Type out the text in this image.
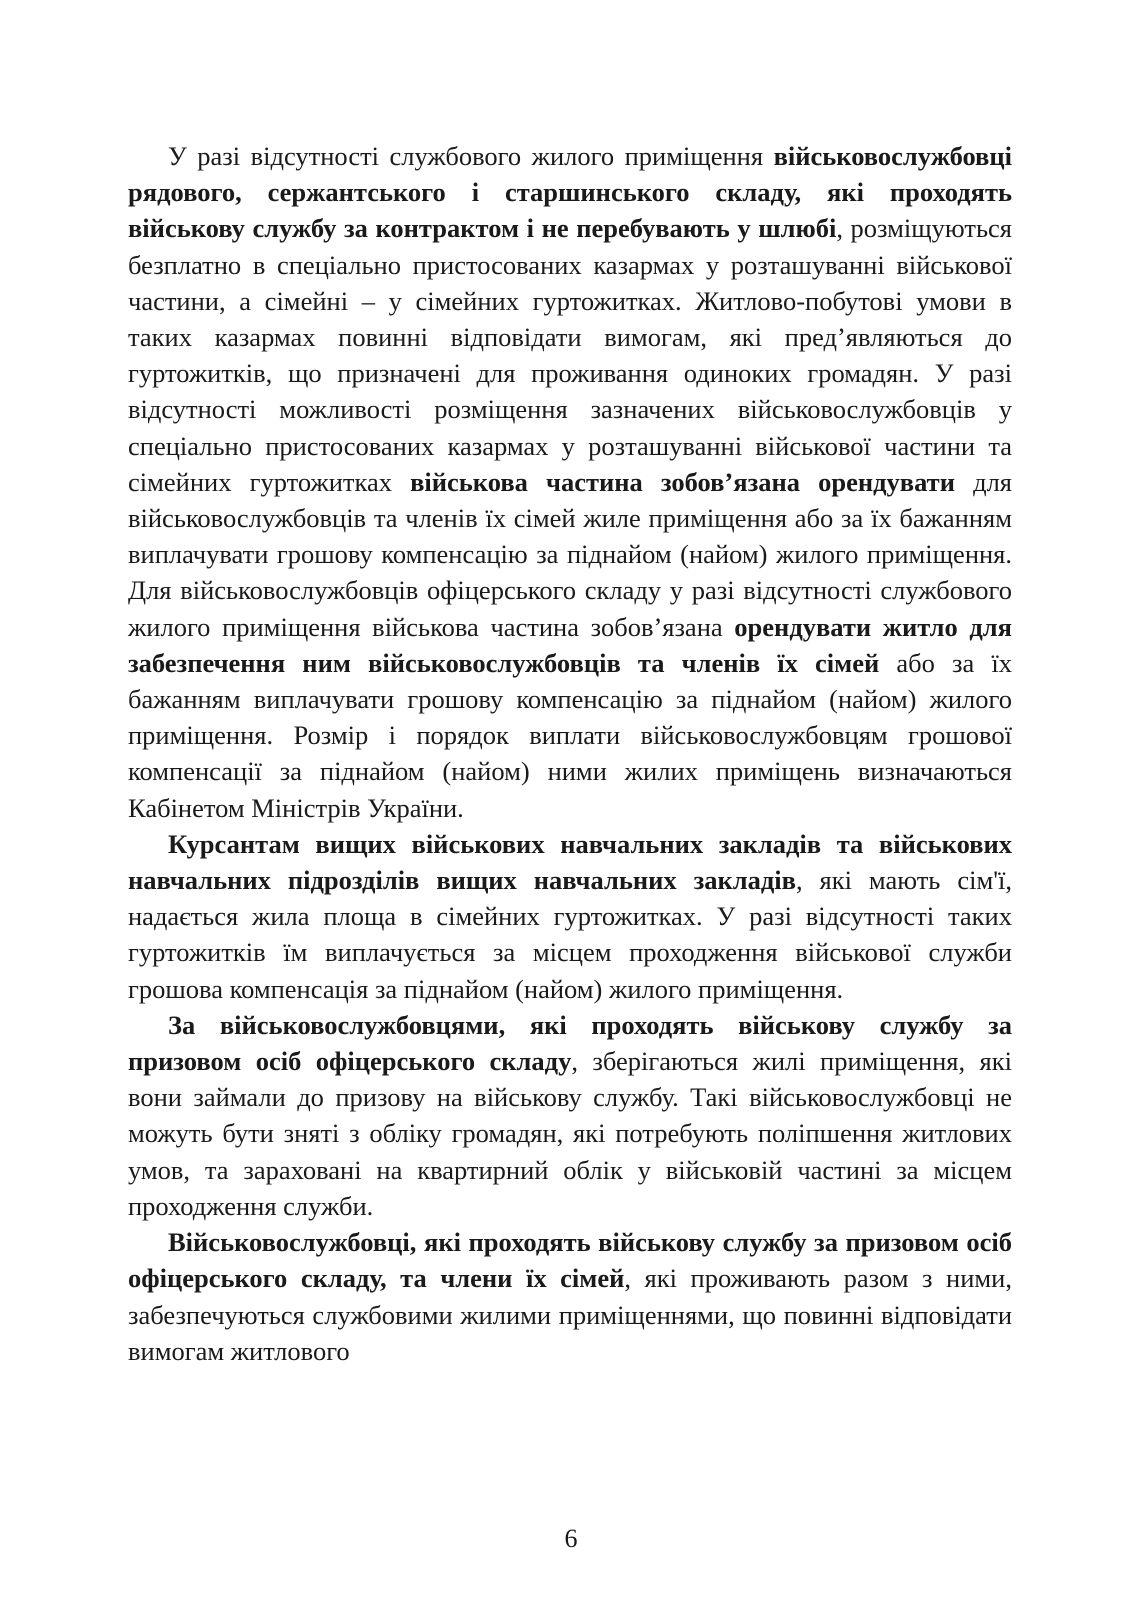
У разі відсутності службового жилого приміщення військовослужбовці рядового, сержантського і старшинського складу, які проходять військову службу за контрактом і не перебувають у шлюбі, розміщуються безплатно в спеціально пристосованих казармах у розташуванні військової частини, а сімейні – у сімейних гуртожитках. Житлово-побутові умови в таких казармах повинні відповідати вимогам, які пред’являються до гуртожитків, що призначені для проживання одиноких громадян. У разі відсутності можливості розміщення зазначених військовослужбовців у спеціально пристосованих казармах у розташуванні військової частини та сімейних гуртожитках військова частина зобов’язана орендувати для військовослужбовців та членів їх сімей жиле приміщення або за їх бажанням виплачувати грошову компенсацію за піднайом (найом) жилого приміщення. Для військовослужбовців офіцерського складу у разі відсутності службового жилого приміщення військова частина зобов’язана орендувати житло для забезпечення ним військовослужбовців та членів їх сімей або за їх бажанням виплачувати грошову компенсацію за піднайом (найом) жилого приміщення. Розмір і порядок виплати військовослужбовцям грошової компенсації за піднайом (найом) ними жилих приміщень визначаються Кабінетом Міністрів України.

Курсантам вищих військових навчальних закладів та військових навчальних підрозділів вищих навчальних закладів, які мають сім'ї, надається жила площа в сімейних гуртожитках. У разі відсутності таких гуртожитків їм виплачується за місцем проходження військової служби грошова компенсація за піднайом (найом) жилого приміщення.

За військовослужбовцями, які проходять військову службу за призовом осіб офіцерського складу, зберігаються жилі приміщення, які вони займали до призову на військову службу. Такі військовослужбовці не можуть бути зняті з обліку громадян, які потребують поліпшення житлових умов, та зараховані на квартирний облік у військовій частині за місцем проходження служби.

Військовослужбовці, які проходять військову службу за призовом осіб офіцерського складу, та члени їх сімей, які проживають разом з ними, забезпечуються службовими жилими приміщеннями, що повинні відповідати вимогам житлового

6
